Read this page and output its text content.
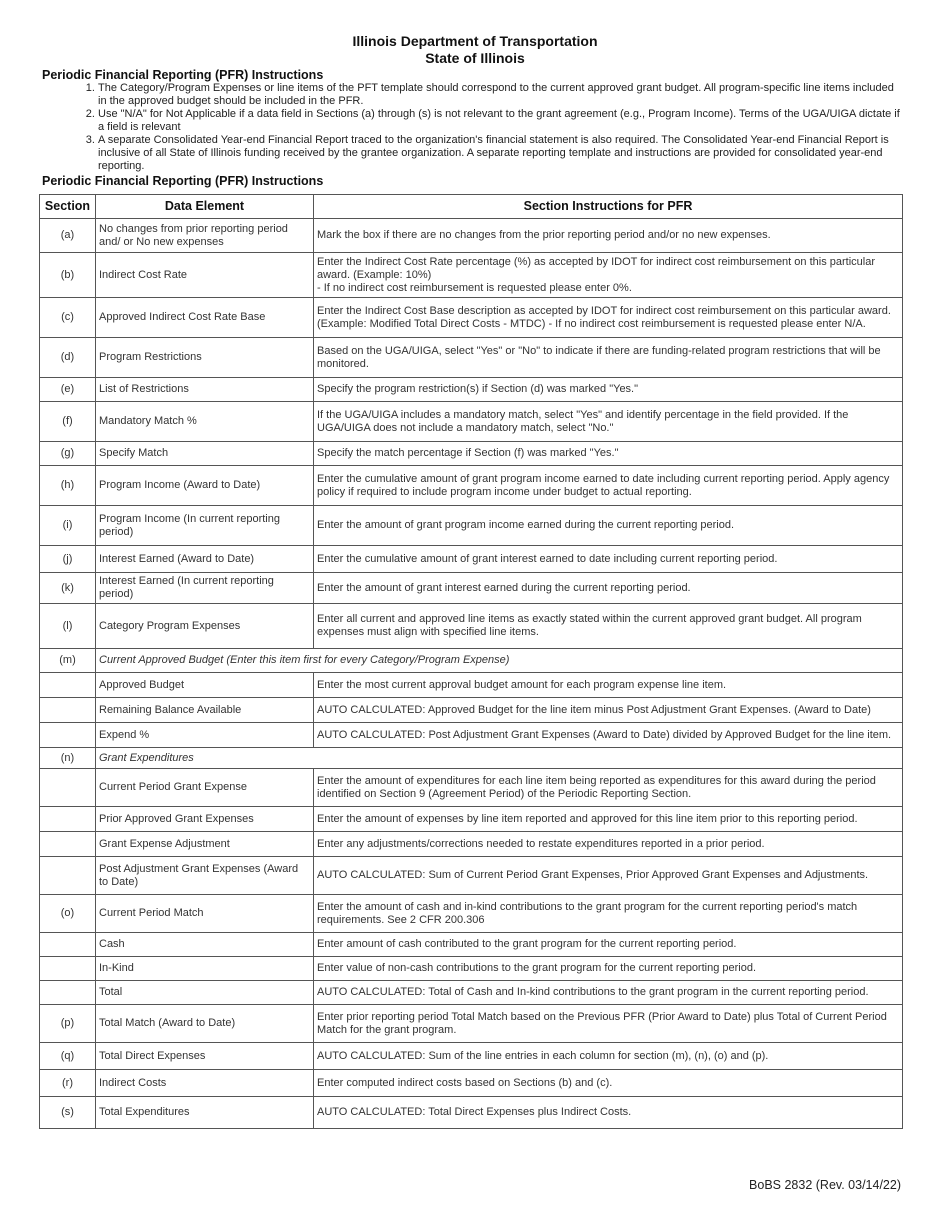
Illinois Department of Transportation
State of Illinois
Periodic Financial Reporting (PFR) Instructions
1. The Category/Program Expenses or line items of the PFT template should correspond to the current approved grant budget. All program-specific line items included in the approved budget should be included in the PFR.
2. Use "N/A" for Not Applicable if a data field in Sections (a) through (s) is not relevant to the grant agreement (e.g., Program Income). Terms of the UGA/UIGA dictate if a field is relevant
3. A separate Consolidated Year-end Financial Report traced to the organization's financial statement is also required. The Consolidated Year-end Financial Report is inclusive of all State of Illinois funding received by the grantee organization. A separate reporting template and instructions are provided for consolidated year-end reporting.
Periodic Financial Reporting (PFR) Instructions
Section	Data Element	Section Instructions for PFR
(a)	No changes from prior reporting period and/ or No new expenses	Mark the box if there are no changes from the prior reporting period and/or no new expenses.
(b)	Indirect Cost Rate	Enter the Indirect Cost Rate percentage (%) as accepted by IDOT for indirect cost reimbursement on this particular award. (Example: 10%)
- If no indirect cost reimbursement is requested please enter 0%.
(c)	Approved Indirect Cost Rate Base	Enter the Indirect Cost Base description as accepted by IDOT for indirect cost reimbursement on this particular award. (Example: Modified Total Direct Costs - MTDC) - If no indirect cost reimbursement is requested please enter N/A.
(d)	Program Restrictions	Based on the UGA/UIGA, select "Yes" or "No" to indicate if there are funding-related program restrictions that will be monitored.
(e)	List of Restrictions	Specify the program restriction(s) if Section (d) was marked "Yes."
(f)	Mandatory Match %	If the UGA/UIGA includes a mandatory match, select "Yes" and identify percentage in the field provided. If the UGA/UIGA does not include a mandatory match, select "No."
(g)	Specify Match	Specify the match percentage if Section (f) was marked "Yes."
(h)	Program Income (Award to Date)	Enter the cumulative amount of grant program income earned to date including current reporting period. Apply agency policy if required to include program income under budget to actual reporting.
(i)	Program Income (In current reporting period)	Enter the amount of grant program income earned during the current reporting period.
(j)	Interest Earned (Award to Date)	Enter the cumulative amount of grant interest earned to date including current reporting period.
(k)	Interest Earned (In current reporting period)	Enter the amount of grant interest earned during the current reporting period.
(l)	Category Program Expenses	Enter all current and approved line items as exactly stated within the current approved grant budget. All program expenses must align with specified line items.
(m)	Current Approved Budget (Enter this item first for every Category/Program Expense)	
	Approved Budget	Enter the most current approval budget amount for each program expense line item.
	Remaining Balance Available	AUTO CALCULATED: Approved Budget for the line item minus Post Adjustment Grant Expenses. (Award to Date)
	Expend %	AUTO CALCULATED: Post Adjustment Grant Expenses (Award to Date) divided by Approved Budget for the line item.
(n)	Grant Expenditures	
	Current Period Grant Expense	Enter the amount of expenditures for each line item being reported as expenditures for this award during the period identified on Section 9 (Agreement Period) of the Periodic Reporting Section.
	Prior Approved Grant Expenses	Enter the amount of expenses by line item reported and approved for this line item prior to this reporting period.
	Grant Expense Adjustment	Enter any adjustments/corrections needed to restate expenditures reported in a prior period.
	Post Adjustment Grant Expenses (Award to Date)	AUTO CALCULATED: Sum of Current Period Grant Expenses, Prior Approved Grant Expenses and Adjustments.
(o)	Current Period Match	Enter the amount of cash and in-kind contributions to the grant program for the current reporting period's match requirements. See 2 CFR 200.306
	Cash	Enter amount of cash contributed to the grant program for the current reporting period.
	In-Kind	Enter value of non-cash contributions to the grant program for the current reporting period.
	Total	AUTO CALCULATED: Total of Cash and In-kind contributions to the grant program in the current reporting period.
(p)	Total Match (Award to Date)	Enter prior reporting period Total Match based on the Previous PFR (Prior Award to Date) plus Total of Current Period Match for the grant program.
(q)	Total Direct Expenses	AUTO CALCULATED: Sum of the line entries in each column for section (m), (n), (o) and (p).
(r)	Indirect Costs	Enter computed indirect costs based on Sections (b) and (c).
(s)	Total Expenditures	AUTO CALCULATED: Total Direct Expenses plus Indirect Costs.
BoBS 2832 (Rev. 03/14/22)
